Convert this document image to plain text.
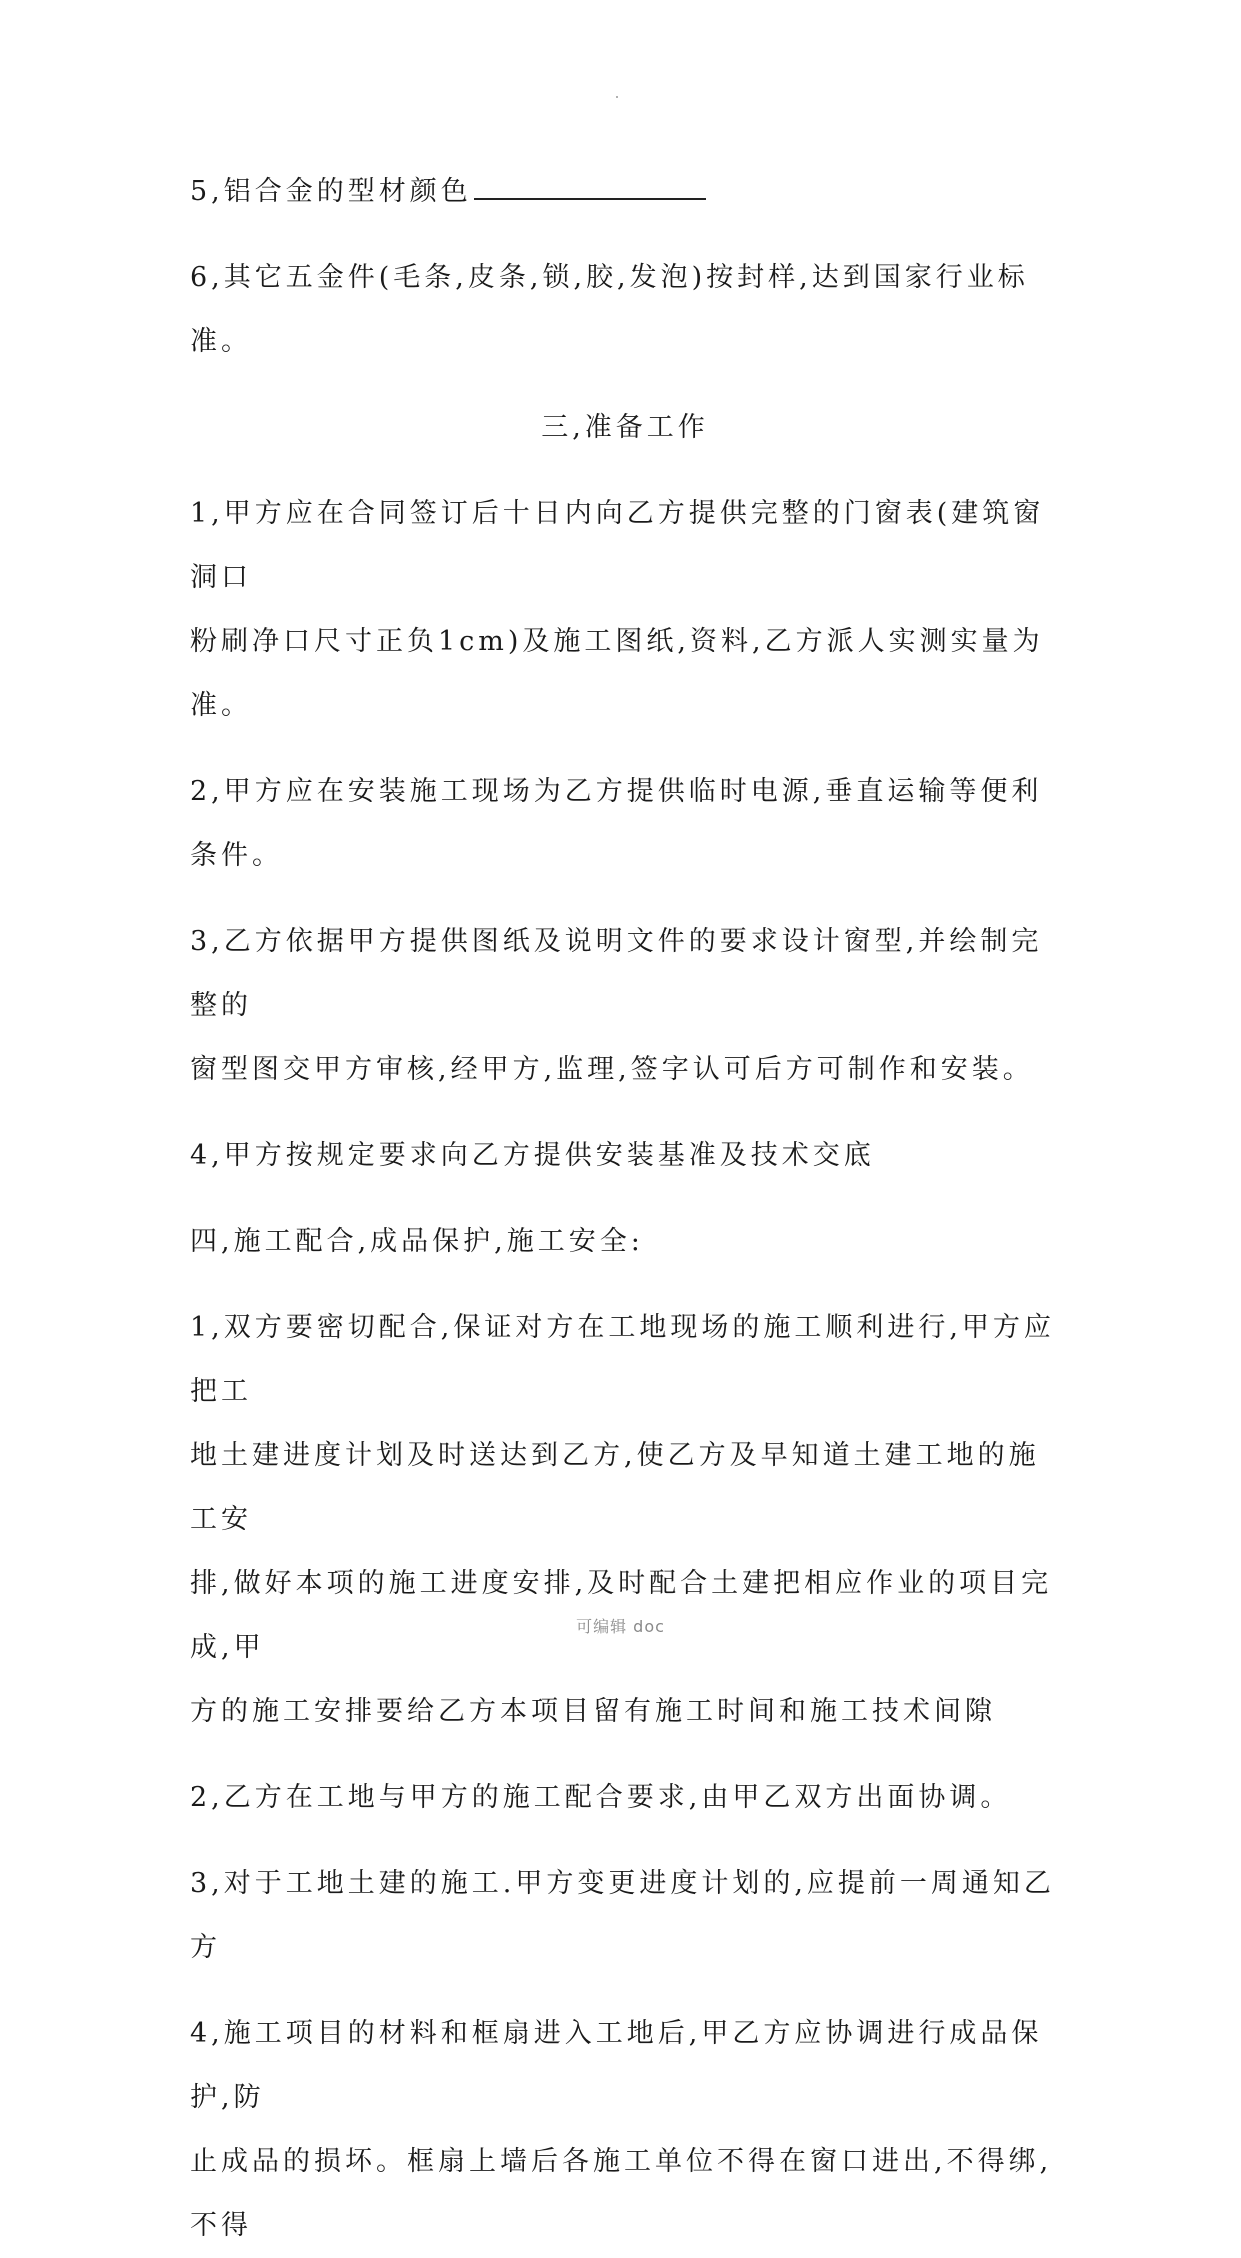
5,铝合金的型材颜色

6,其它五金件(毛条,皮条,锁,胶,发泡)按封样,达到国家行业标准。

三,准备工作

1,甲方应在合同签订后十日内向乙方提供完整的门窗表(建筑窗洞口

粉刷净口尺寸正负1cm)及施工图纸,资料,乙方派人实测实量为准。

2,甲方应在安装施工现场为乙方提供临时电源,垂直运输等便利条件。

3,乙方依据甲方提供图纸及说明文件的要求设计窗型,并绘制完整的

窗型图交甲方审核,经甲方,监理,签字认可后方可制作和安装。

4,甲方按规定要求向乙方提供安装基准及技术交底

四,施工配合,成品保护,施工安全:

1,双方要密切配合,保证对方在工地现场的施工顺利进行,甲方应把工

地土建进度计划及时送达到乙方,使乙方及早知道土建工地的施工安

排,做好本项的施工进度安排,及时配合土建把相应作业的项目完成,甲

方的施工安排要给乙方本项目留有施工时间和施工技术间隙

2,乙方在工地与甲方的施工配合要求,由甲乙双方出面协调。

3,对于工地土建的施工.甲方变更进度计划的,应提前一周通知乙方

4,施工项目的材料和框扇进入工地后,甲乙方应协调进行成品保护,防

止成品的损坏。框扇上墙后各施工单位不得在窗口进出,不得绑,不得

可编辑 doc
